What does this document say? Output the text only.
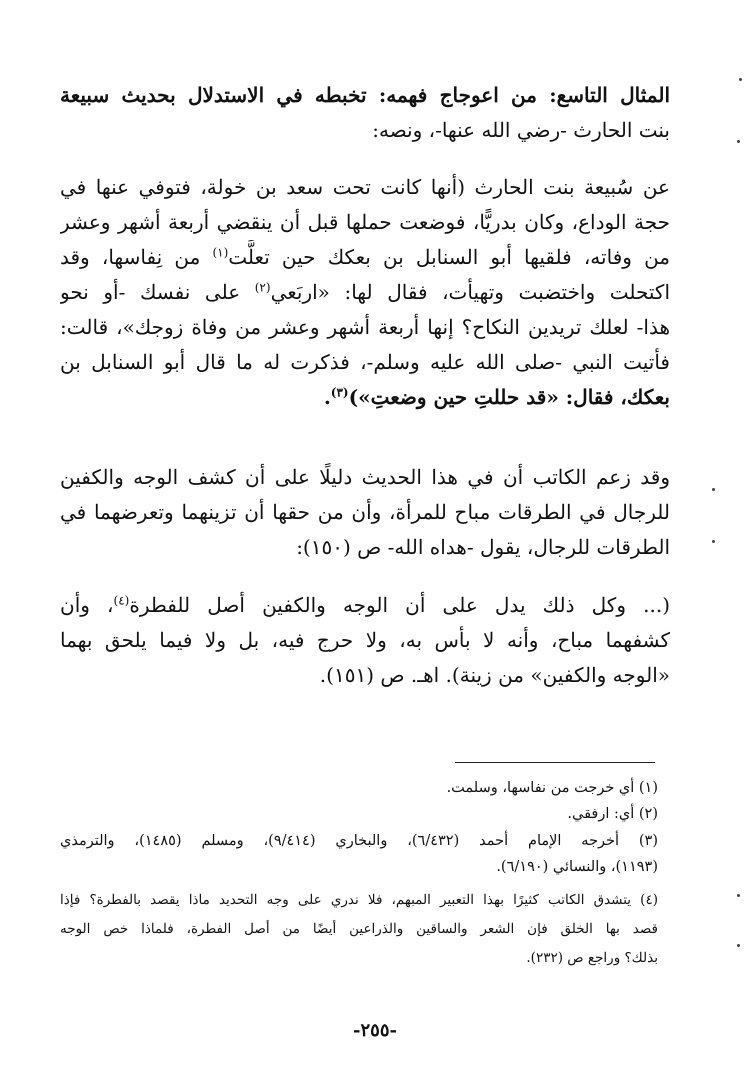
المثال التاسع: من اعوجاج فهمه: تخبطه في الاستدلال بحديث سبيعة
بنت الحارث -رضي الله عنها-، ونصه:
عن سُبيعة بنت الحارث (أنها كانت تحت سعد بن خولة، فتوفي عنها في
حجة الوداع، وكان بدريًّا، فوضعت حملها قبل أن ينقضي أربعة أشهر وعشر
من وفاته، فلقيها أبو السنابل بن بعكك حين تعلَّت$^{(١)}$ من نِفاسها، وقد
اكتحلت واختضبت وتهيأت، فقال لها: «اربَعي$^{(٢)}$ على نفسك -أو نحو
هذا- لعلك تريدين النكاح؟ إنها أربعة أشهر وعشر من وفاة زوجك»، قالت:
فأتيت النبي -صلى الله عليه وسلم-، فذكرت له ما قال أبو السنابل بن
بعكك، فقال: «قد حللتِ حين وضعتِ»)$^{(٣)}$.
وقد زعم الكاتب أن في هذا الحديث دليلًا على أن كشف الوجه والكفين
للرجال في الطرقات مباح للمرأة، وأن من حقها أن تزينهما وتعرضهما في
الطرقات للرجال، يقول -هداه الله- ص (١٥٠):
(... وكل ذلك يدل على أن الوجه والكفين أصل للفطرة$^{(٤)}$، وأن
كشفهما مباح، وأنه لا بأس به، ولا حرج فيه، بل ولا فيما يلحق بهما
«الوجه والكفين» من زينة). اهـ. ص (١٥١).
(١) أي خرجت من نفاسها، وسلمت.
(٢) أي: ارفقي.
(٣) أخرجه الإمام أحمد (٦/٤٣٢)، والبخاري (٩/٤١٤)، ومسلم (١٤٨٥)، والترمذي
(١١٩٣)، والنسائي (٦/١٩٠).
(٤) يتشدق الكاتب كثيرًا بهذا التعبير المبهم، فلا ندري على وجه التحديد ماذا يقصد بالفطرة؟ فإذا
قصد بها الخلق فإن الشعر والساقين والذراعين أيضًا من أصل الفطرة، فلماذا خص الوجه
بذلك؟ وراجع ص (٢٣٢).
-٢٥٥-
